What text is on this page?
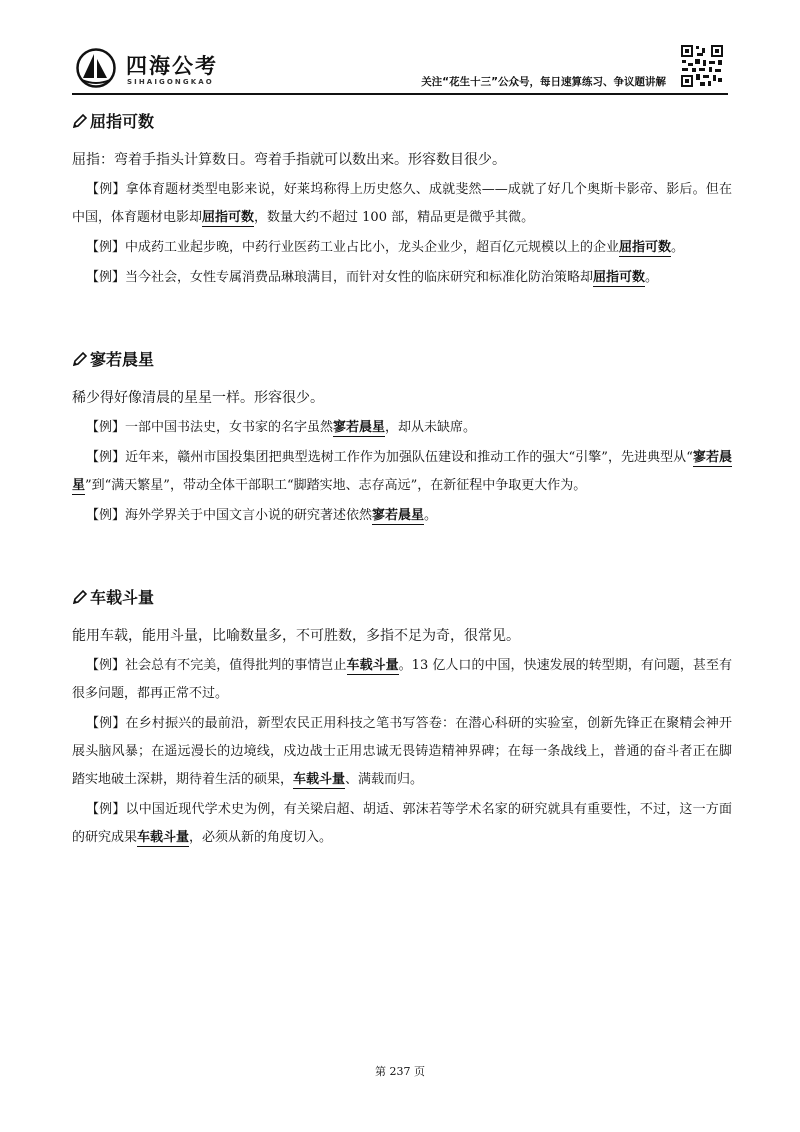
四海公考
SIHAIGONGKAO	关注“花生十三”公众号，每日速算练习、争议题讲解
屈指可数

屈指：弯着手指头计算数日。弯着手指就可以数出来。形容数目很少。

【例】拿体育题材类型电影来说，好莱坞称得上历史悠久、成就斐然——成就了好几个奥斯卡影帝、影后。但在中国，体育题材电影却屈指可数，数量大约不超过 100 部，精品更是微乎其微。

【例】中成药工业起步晚，中药行业医药工业占比小，龙头企业少，超百亿元规模以上的企业屈指可数。

【例】当今社会，女性专属消费品琳琅满目，而针对女性的临床研究和标准化防治策略却屈指可数。

寥若晨星

稀少得好像清晨的星星一样。形容很少。

【例】一部中国书法史，女书家的名字虽然寥若晨星，却从未缺席。

【例】近年来，赣州市国投集团把典型选树工作作为加强队伍建设和推动工作的强大“引擎”，先进典型从“寥若晨星”到“满天繁星”，带动全体干部职工“脚踏实地、志存高远”，在新征程中争取更大作为。

【例】海外学界关于中国文言小说的研究著述依然寥若晨星。

车载斗量

能用车载，能用斗量，比喻数量多，不可胜数，多指不足为奇，很常见。

【例】社会总有不完美，值得批判的事情岂止车载斗量。13 亿人口的中国，快速发展的转型期，有问题，甚至有很多问题，都再正常不过。

【例】在乡村振兴的最前沿，新型农民正用科技之笔书写答卷：在潜心科研的实验室，创新先锋正在聚精会神开展头脑风暴；在遥远漫长的边境线，戍边战士正用忠诚无畏铸造精神界碑；在每一条战线上，普通的奋斗者正在脚踏实地破土深耕，期待着生活的硕果，车载斗量、满载而归。

【例】以中国近现代学术史为例，有关梁启超、胡适、郭沫若等学术名家的研究就具有重要性，不过，这一方面的研究成果车载斗量，必须从新的角度切入。

第 237 页
